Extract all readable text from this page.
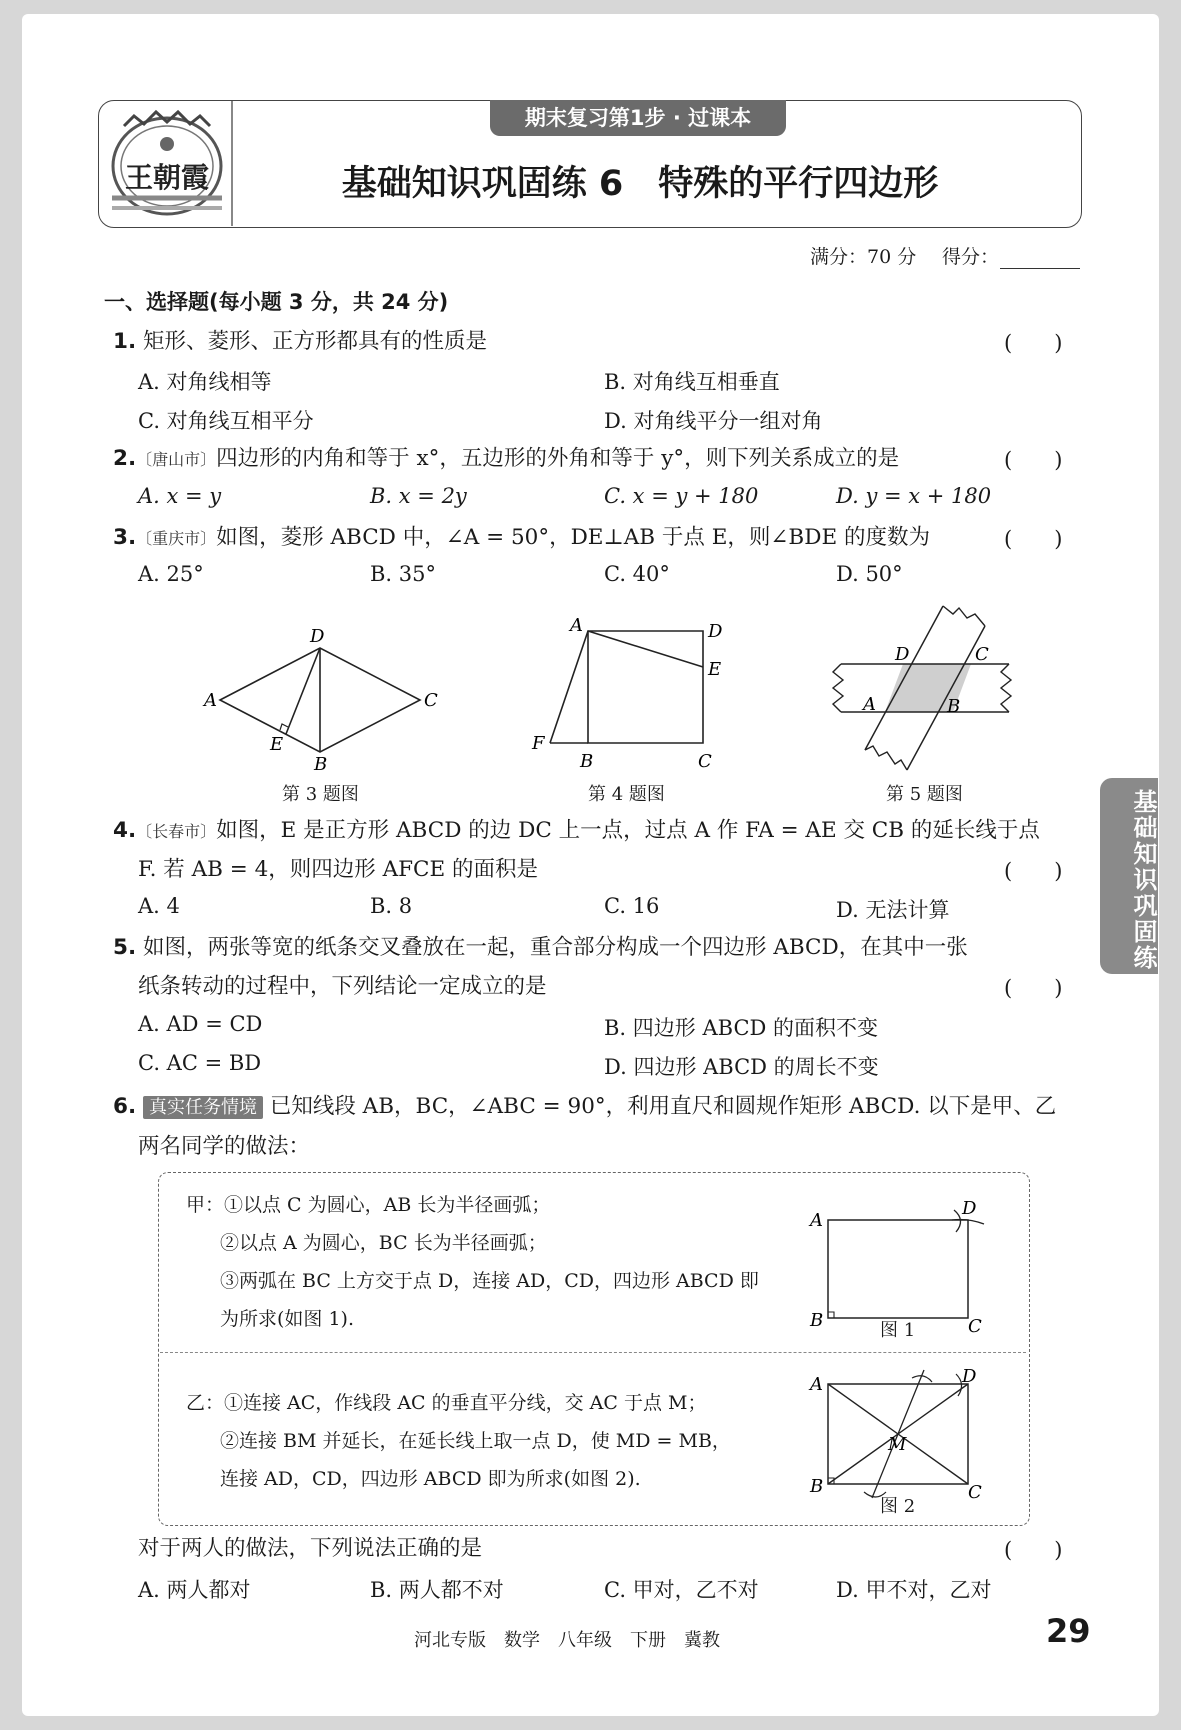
王朝霞
期末复习第1步 · 过课本
基础知识巩固练 6　特殊的平行四边形
满分：70 分 得分：
基础知识巩固练
一、选择题(每小题 3 分，共 24 分)
1. 矩形、菱形、正方形都具有的性质是	(　　)
A. 对角线相等	B. 对角线互相垂直
C. 对角线互相平分	D. 对角线平分一组对角
2.〔唐山市〕四边形的内角和等于 x°，五边形的外角和等于 y°，则下列关系成立的是	(　　)
A. x = y	B. x = 2y	C. x = y + 180	D. y = x + 180
3.〔重庆市〕如图，菱形 ABCD 中，∠A = 50°，DE⊥AB 于点 E，则∠BDE 的度数为	(　　)
A. 25°	B. 35°	C. 40°	D. 50°
D
A	C
E
B
第 3 题图
A	D
E
F
B	C
第 4 题图
D	C
A	B
第 5 题图
4.〔长春市〕如图，E 是正方形 ABCD 的边 DC 上一点，过点 A 作 FA = AE 交 CB 的延长线于点
F. 若 AB = 4，则四边形 AFCE 的面积是	(　　)
A. 4	B. 8	C. 16	D. 无法计算
5. 如图，两张等宽的纸条交叉叠放在一起，重合部分构成一个四边形 ABCD，在其中一张
纸条转动的过程中，下列结论一定成立的是	(　　)
A. AD = CD	B. 四边形 ABCD 的面积不变
C. AC = BD	D. 四边形 ABCD 的周长不变
6. 真实任务情境 已知线段 AB，BC，∠ABC = 90°，利用直尺和圆规作矩形 ABCD. 以下是甲、乙
两名同学的做法：
甲：①以点 C 为圆心，AB 长为半径画弧；
②以点 A 为圆心，BC 长为半径画弧；
③两弧在 BC 上方交于点 D，连接 AD，CD，四边形 ABCD 即
为所求(如图 1).
A
D
B	C
图 1
乙：①连接 AC，作线段 AC 的垂直平分线，交 AC 于点 M；
②连接 BM 并延长，在延长线上取一点 D，使 MD = MB，
连接 AD，CD，四边形 ABCD 即为所求(如图 2).
A	D
M
B	C
图 2
对于两人的做法，下列说法正确的是	(　　)
A. 两人都对	B. 两人都不对	C. 甲对，乙不对	D. 甲不对，乙对
河北专版　数学　八年级　下册　冀教	29
